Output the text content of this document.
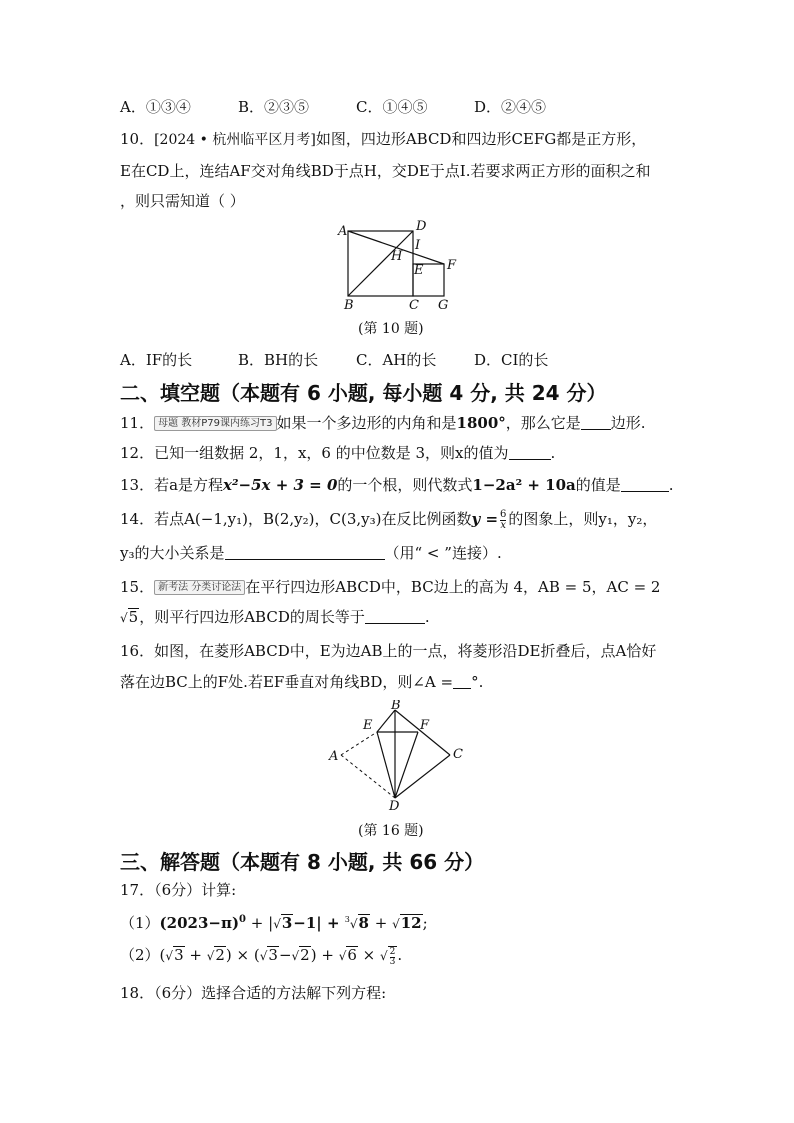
A．①③④	B．②③⑤	C．①④⑤	D．②④⑤
10．[2024 • 杭州临平区月考]如图，四边形ABCD和四边形CEFG都是正方形，
E在CD上，连结AF交对角线BD于点H，交DE于点I.若要求两正方形的面积之和
，则只需知道（ ）
A	D
I
H
E F
B	C G
(第 10 题)
A．IF的长	B．BH的长	C．AH的长	D．CI的长
二、填空题（本题有 6 小题, 每小题 4 分, 共 24 分）
11． 母题 教材P79课内练习T3 如果一个多边形的内角和是1800°，那么它是 边形.
12．已知一组数据 2，1，x，6 的中位数是 3，则x的值为	.
13．若a是方程x²−5x + 3 = 0的一个根，则代数式1−2a² + 10a的值是	.
14．若点A(−1,y₁)，B(2,y₂)，C(3,y₃)在反比例函数$y = \frac{6}{x}$ 的图象上，则y₁，y₂，
y₃的大小关系是	（用“ < ”连接）.
15． 新考法 分类讨论法 在平行四边形ABCD中，BC边上的高为 4，AB = 5，AC = 2
√5，则平行四边形ABCD的周长等于	.
16．如图，在菱形ABCD中，E为边AB上的一点，将菱形沿DE折叠后，点A恰好
落在边BC上的F处.若EF垂直对角线BD，则∠A = °.
B
E	F
A	C
D
(第 16 题)
三、解答题（本题有 8 小题, 共 66 分）
17．（6分）计算:
$(1)(2023-\pi)^0 + |√3-1| + ^3√8 + √12$;
（2）(√3 + √2) × (√3−√2) + √6 × √ $\frac{2}{3}$ .
18．（6分）选择合适的方法解下列方程:
